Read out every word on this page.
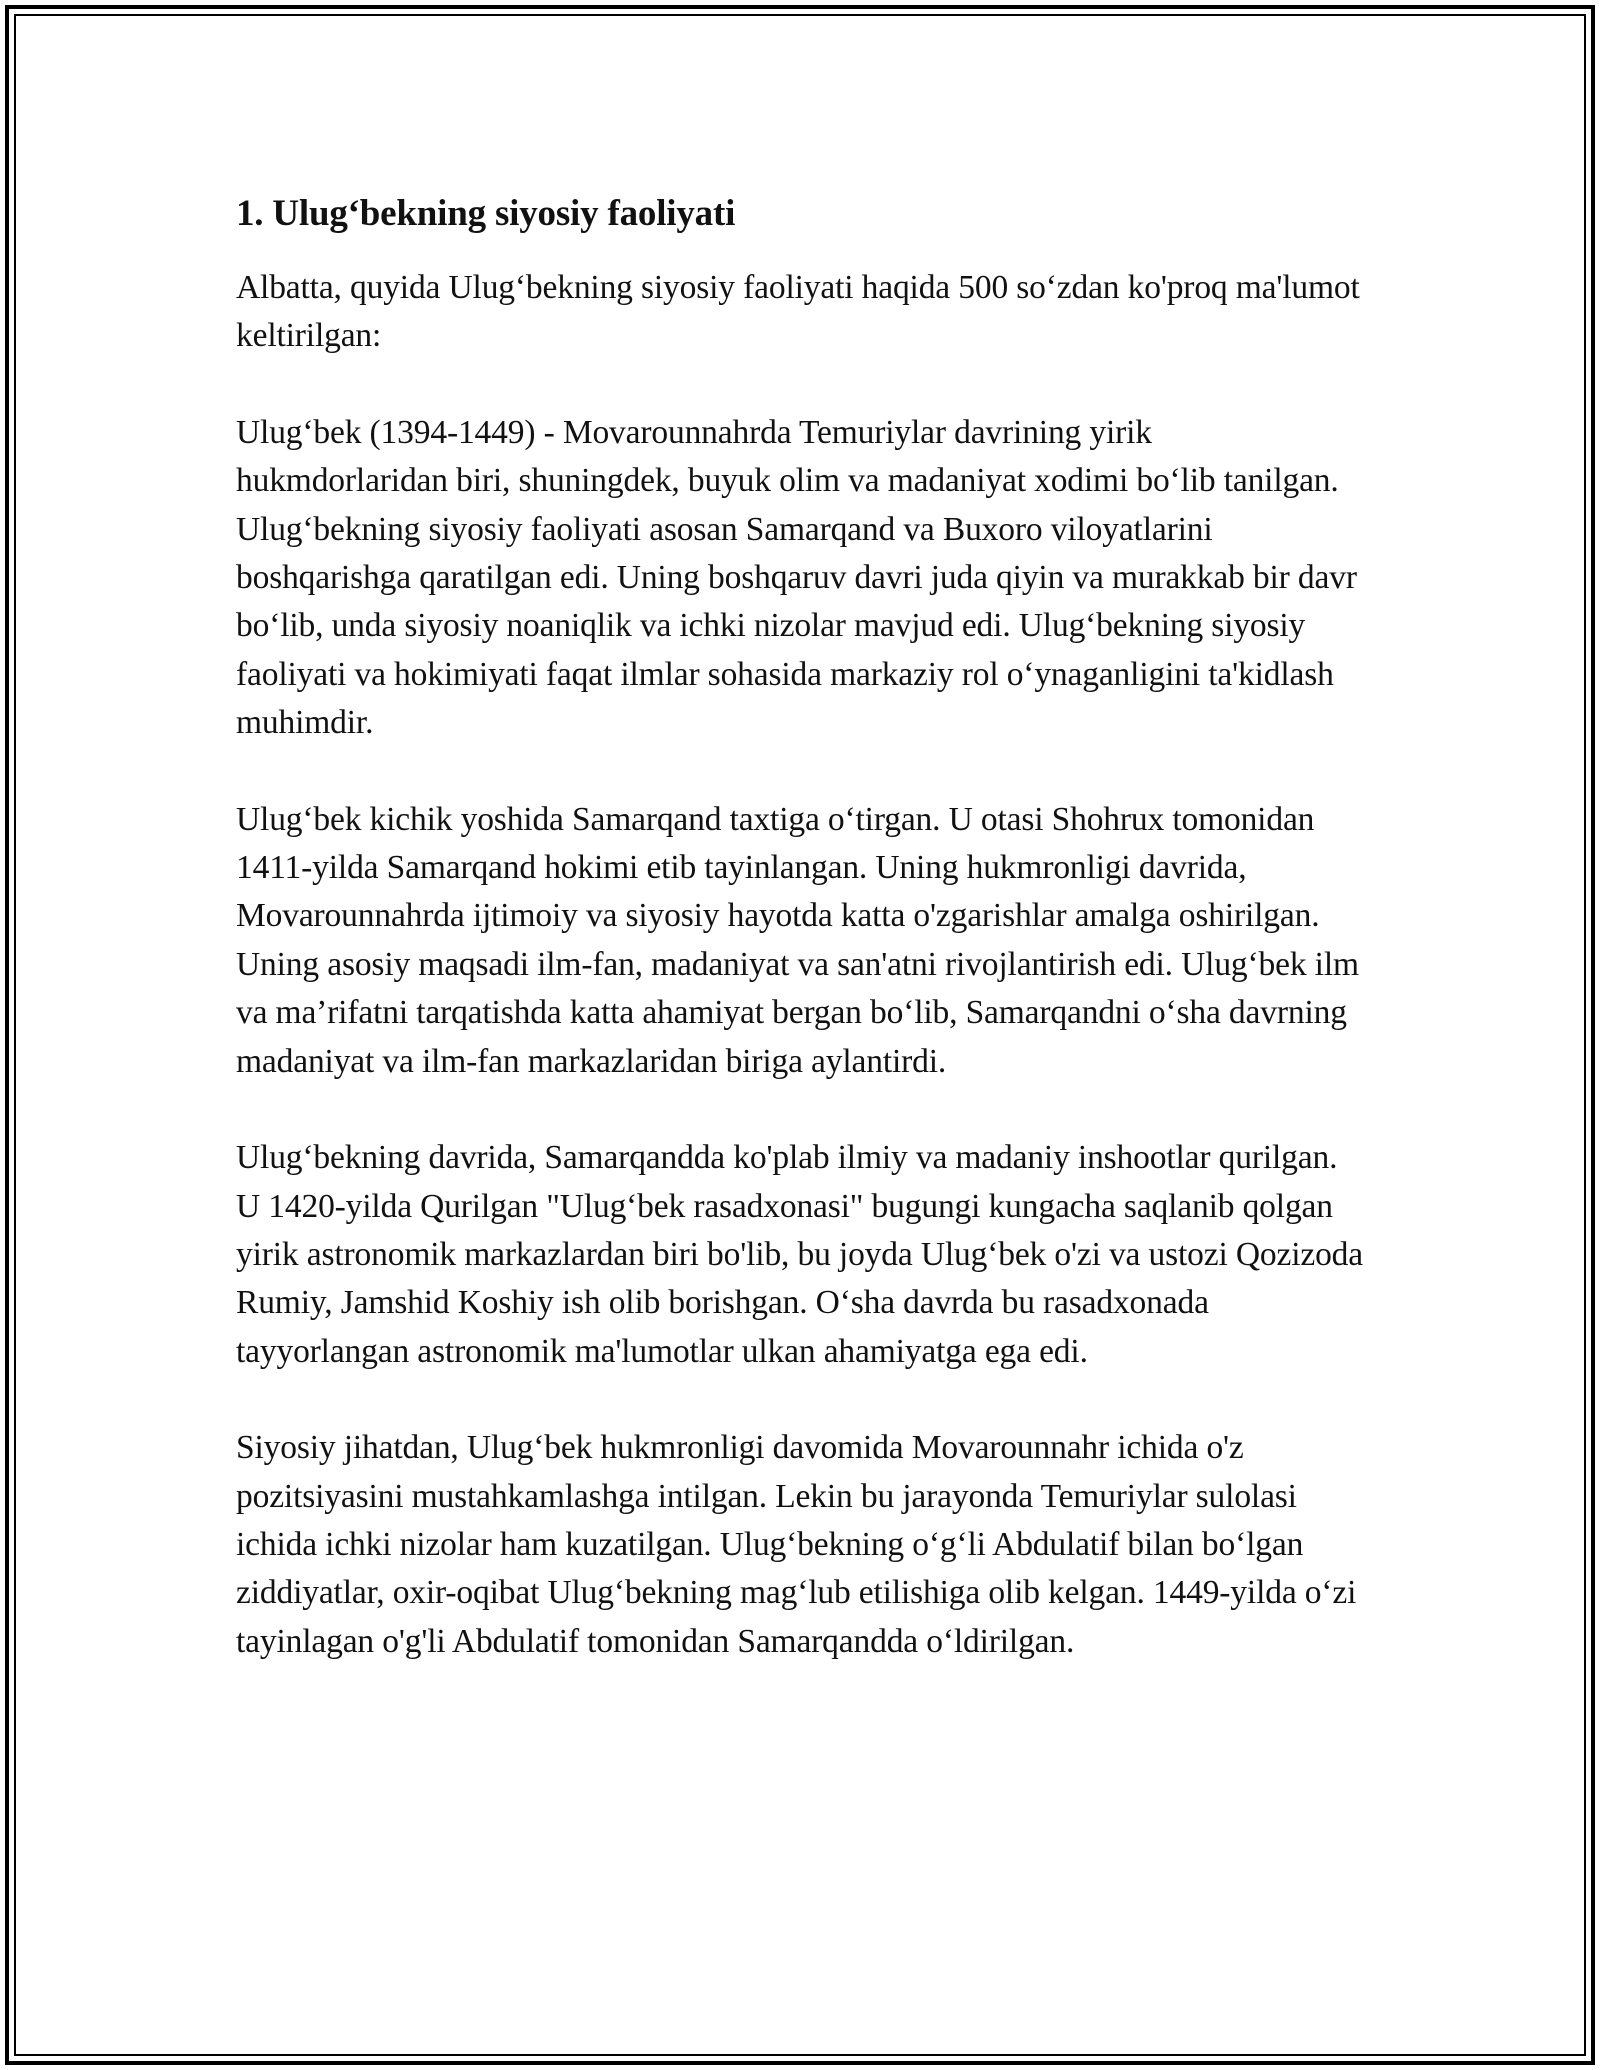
1. Ulug‘bekning siyosiy faoliyati

Albatta, quyida Ulug‘bekning siyosiy faoliyati haqida 500 so‘zdan ko'proq ma'lumot keltirilgan:

Ulug‘bek (1394-1449) - Movarounnahrda Temuriylar davrining yirik hukmdorlaridan biri, shuningdek, buyuk olim va madaniyat xodimi bo‘lib tanilgan. Ulug‘bekning siyosiy faoliyati asosan Samarqand va Buxoro viloyatlarini boshqarishga qaratilgan edi. Uning boshqaruv davri juda qiyin va murakkab bir davr bo‘lib, unda siyosiy noaniqlik va ichki nizolar mavjud edi. Ulug‘bekning siyosiy faoliyati va hokimiyati faqat ilmlar sohasida markaziy rol o‘ynaganligini ta'kidlash muhimdir.

Ulug‘bek kichik yoshida Samarqand taxtiga o‘tirgan. U otasi Shohrux tomonidan 1411-yilda Samarqand hokimi etib tayinlangan. Uning hukmronligi davrida, Movarounnahrda ijtimoiy va siyosiy hayotda katta o'zgarishlar amalga oshirilgan. Uning asosiy maqsadi ilm-fan, madaniyat va san'atni rivojlantirish edi. Ulug‘bek ilm va ma’rifatni tarqatishda katta ahamiyat bergan bo‘lib, Samarqandni o‘sha davrning madaniyat va ilm-fan markazlaridan biriga aylantirdi.

Ulug‘bekning davrida, Samarqandda ko'plab ilmiy va madaniy inshootlar qurilgan. U 1420-yilda Qurilgan "Ulug‘bek rasadxonasi" bugungi kungacha saqlanib qolgan yirik astronomik markazlardan biri bo'lib, bu joyda Ulug‘bek o'zi va ustozi Qozizoda Rumiy, Jamshid Koshiy ish olib borishgan. O‘sha davrda bu rasadxonada tayyorlangan astronomik ma'lumotlar ulkan ahamiyatga ega edi.

Siyosiy jihatdan, Ulug‘bek hukmronligi davomida Movarounnahr ichida o'z pozitsiyasini mustahkamlashga intilgan. Lekin bu jarayonda Temuriylar sulolasi ichida ichki nizolar ham kuzatilgan. Ulug‘bekning o‘g‘li Abdulatif bilan bo‘lgan ziddiyatlar, oxir-oqibat Ulug‘bekning mag‘lub etilishiga olib kelgan. 1449-yilda o‘zi tayinlagan o'g'li Abdulatif tomonidan Samarqandda o‘ldirilgan.
